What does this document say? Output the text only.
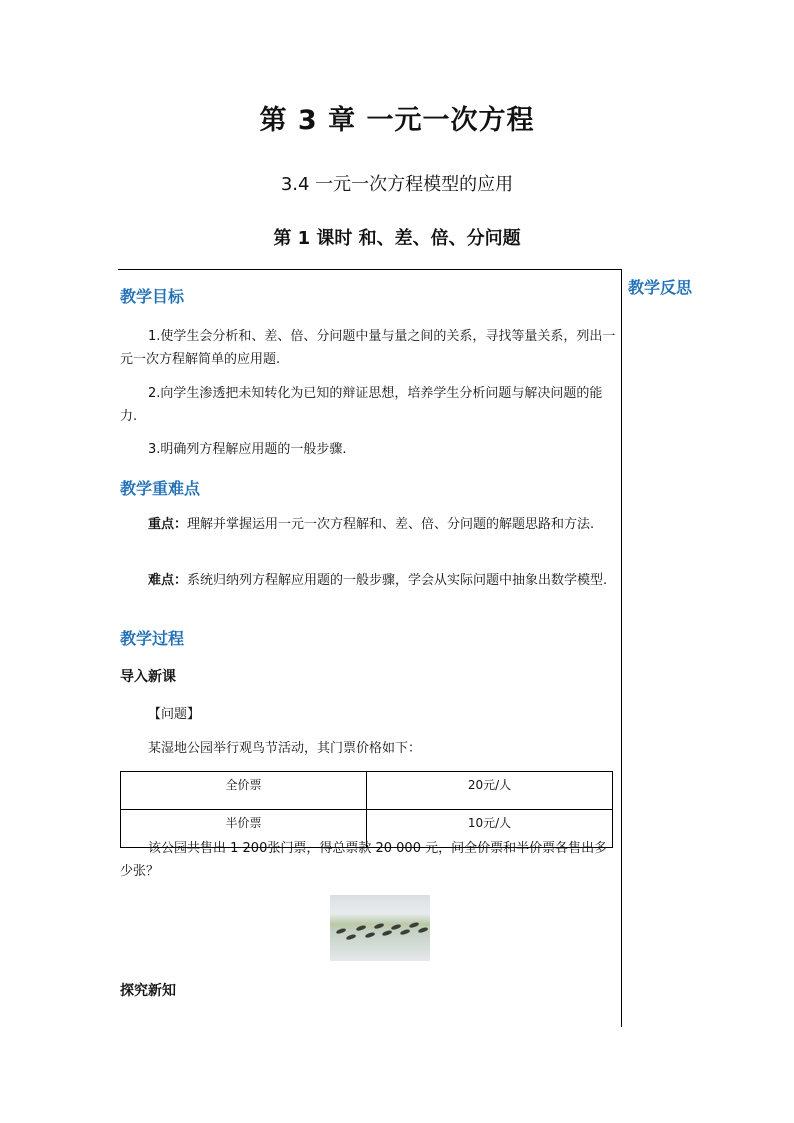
第 3 章 一元一次方程
3.4 一元一次方程模型的应用
第 1 课时 和、差、倍、分问题
教学反思
教学目标
1.使学生会分析和、差、倍、分问题中量与量之间的关系，寻找等量关系，列出一元一次方程解简单的应用题.
2.向学生渗透把未知转化为已知的辩证思想，培养学生分析问题与解决问题的能力.
3.明确列方程解应用题的一般步骤.
教学重难点
重点：理解并掌握运用一元一次方程解和、差、倍、分问题的解题思路和方法.
难点：系统归纳列方程解应用题的一般步骤，学会从实际问题中抽象出数学模型.
教学过程
导入新课
【问题】
某湿地公园举行观鸟节活动，其门票价格如下：
全价票	20元/人
半价票	10元/人
该公园共售出 1 200张门票，得总票款 20 000 元，问全价票和半价票各售出多少张？
探究新知
